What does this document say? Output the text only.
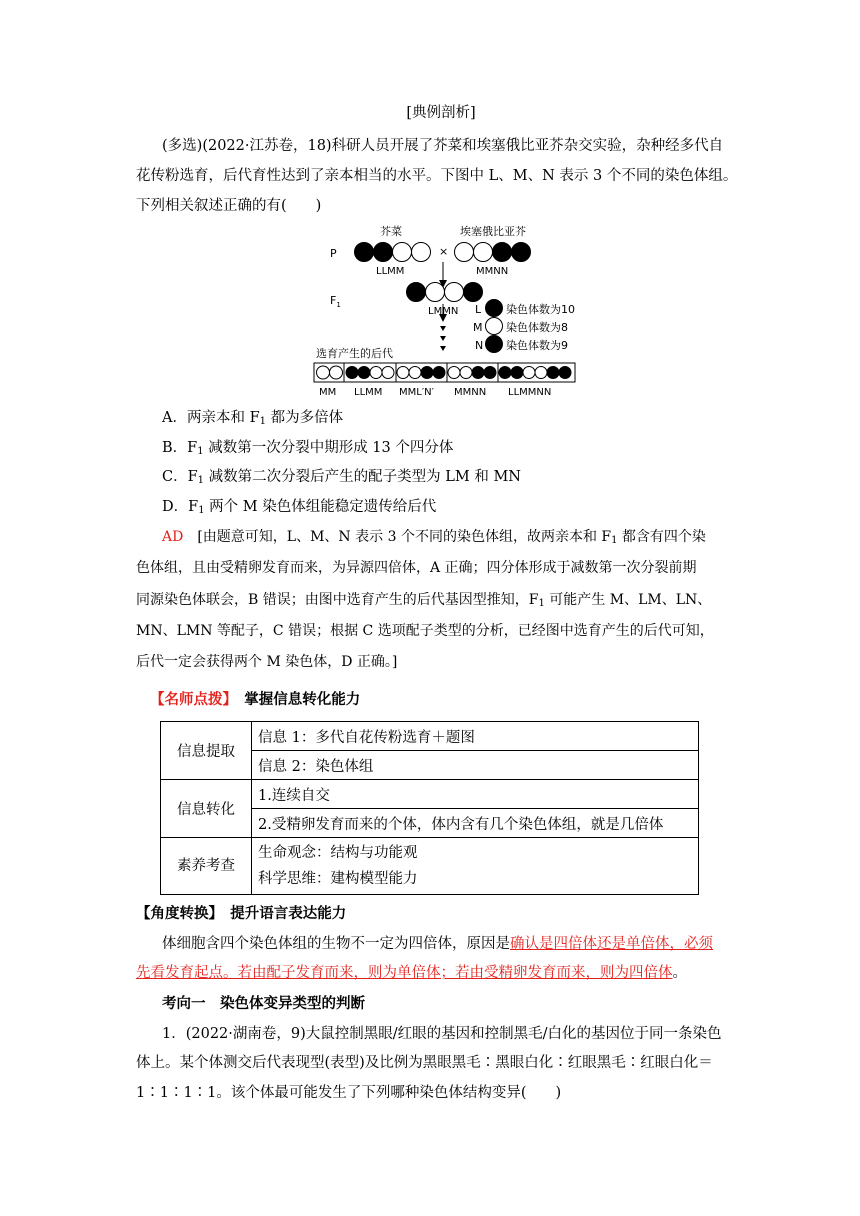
[典例剖析]
(多选)(2022·江苏卷，18)科研人员开展了芥菜和埃塞俄比亚芥杂交实验，杂种经多代自
花传粉选育，后代育性达到了亲本相当的水平。下图中 L、M、N 表示 3 个不同的染色体组。
下列相关叙述正确的有(　　)
P
$F_1$
芥菜	埃塞俄比亚芥
×
LLMM	MMNN
LMMN L 染色体数为10
M 染色体数为8
N 染色体数为9
选育产生的后代
MM LLMM MML′N′ MMNN LLMMNN
A．两亲本和 $F_1$ 都为多倍体
B．$F_1$ 减数第一次分裂中期形成 13 个四分体
C．$F_1$ 减数第二次分裂后产生的配子类型为 LM 和 MN
D．$F_1$ 两个 M 染色体组能稳定遗传给后代
AD　 [由题意可知，L、M、N 表示 3 个不同的染色体组，故两亲本和 $F_1$ 都含有四个染
色体组，且由受精卵发育而来，为异源四倍体，A 正确；四分体形成于减数第一次分裂前期
同源染色体联会，B 错误；由图中选育产生的后代基因型推知，$F_1$ 可能产生 M、LM、LN、
MN、LMN 等配子，C 错误；根据 C 选项配子类型的分析，已经图中选育产生的后代可知，
后代一定会获得两个 M 染色体，D 正确。]
【名师点拨】　 掌握信息转化能力
信息提取	信息 1：多代自花传粉选育＋题图
	信息 2：染色体组
信息转化	1.连续自交
	2.受精卵发育而来的个体，体内含有几个染色体组，就是几倍体
素养考查	生命观念：结构与功能观
科学思维：建构模型能力
【角度转换】　 提升语言表达能力
体细胞含四个染色体组的生物不一定为四倍体，原因是确认是四倍体还是单倍体，必须
先看发育起点。若由配子发育而来，则为单倍体；若由受精卵发育而来，则为四倍体。
考向一　染色体变异类型的判断
1．(2022·湖南卷，9)大鼠控制黑眼/红眼的基因和控制黑毛/白化的基因位于同一条染色
体上。某个体测交后代表现型(表型)及比例为黑眼黑毛∶黑眼白化∶红眼黑毛∶红眼白化＝
1∶1∶1∶1。该个体最可能发生了下列哪种染色体结构变异(　　)
